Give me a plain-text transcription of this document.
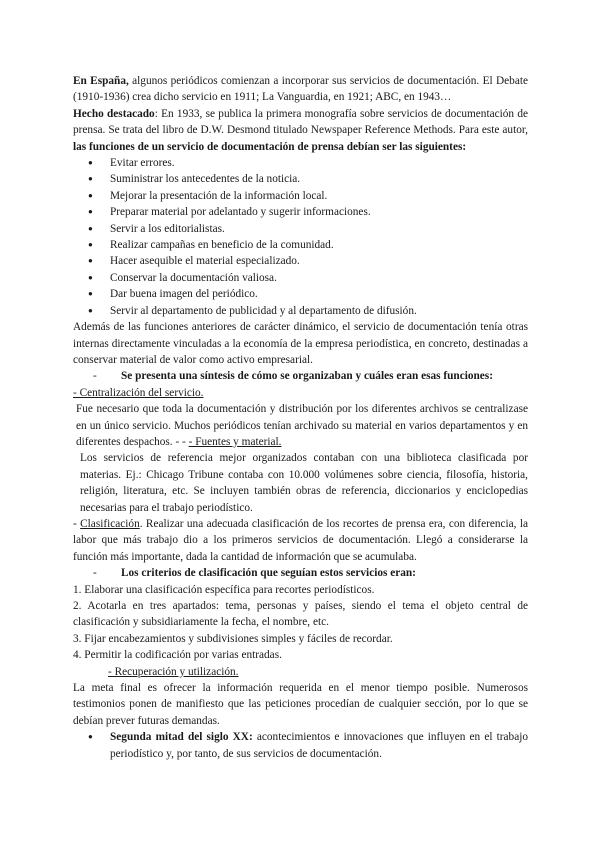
En España, algunos periódicos comienzan a incorporar sus servicios de documentación. El Debate (1910-1936) crea dicho servicio en 1911; La Vanguardia, en 1921; ABC, en 1943…

Hecho destacado: En 1933, se publica la primera monografía sobre servicios de documentación de prensa. Se trata del libro de D.W. Desmond titulado Newspaper Reference Methods. Para este autor, las funciones de un servicio de documentación de prensa debían ser las siguientes:

● Evitar errores.
● Suministrar los antecedentes de la noticia.
● Mejorar la presentación de la información local.
● Preparar material por adelantado y sugerir informaciones.
● Servir a los editorialistas.
● Realizar campañas en beneficio de la comunidad.
● Hacer asequible el material especializado.
● Conservar la documentación valiosa.
● Dar buena imagen del periódico.
● Servir al departamento de publicidad y al departamento de difusión.

Además de las funciones anteriores de carácter dinámico, el servicio de documentación tenía otras internas directamente vinculadas a la economía de la empresa periodística, en concreto, destinadas a conservar material de valor como activo empresarial.

- Se presenta una síntesis de cómo se organizaban y cuáles eran esas funciones:

- Centralización del servicio.

Fue necesario que toda la documentación y distribución por los diferentes archivos se centralizase en un único servicio. Muchos periódicos tenían archivado su material en varios departamentos y en diferentes despachos. - - - Fuentes y material.

Los servicios de referencia mejor organizados contaban con una biblioteca clasificada por materias. Ej.: Chicago Tribune contaba con 10.000 volúmenes sobre ciencia, filosofía, historia, religión, literatura, etc. Se incluyen también obras de referencia, diccionarios y enciclopedias necesarias para el trabajo periodístico.

- Clasificación. Realizar una adecuada clasificación de los recortes de prensa era, con diferencia, la labor que más trabajo dio a los primeros servicios de documentación. Llegó a considerarse la función más importante, dada la cantidad de información que se acumulaba.

- Los criterios de clasificación que seguían estos servicios eran:

1. Elaborar una clasificación específica para recortes periodísticos.

2. Acotarla en tres apartados: tema, personas y países, siendo el tema el objeto central de clasificación y subsidiariamente la fecha, el nombre, etc.

3. Fijar encabezamientos y subdivisiones simples y fáciles de recordar.

4. Permitir la codificación por varias entradas.

- Recuperación y utilización.

La meta final es ofrecer la información requerida en el menor tiempo posible. Numerosos testimonios ponen de manifiesto que las peticiones procedían de cualquier sección, por lo que se debían prever futuras demandas.

● Segunda mitad del siglo XX: acontecimientos e innovaciones que influyen en el trabajo periodístico y, por tanto, de sus servicios de documentación.
